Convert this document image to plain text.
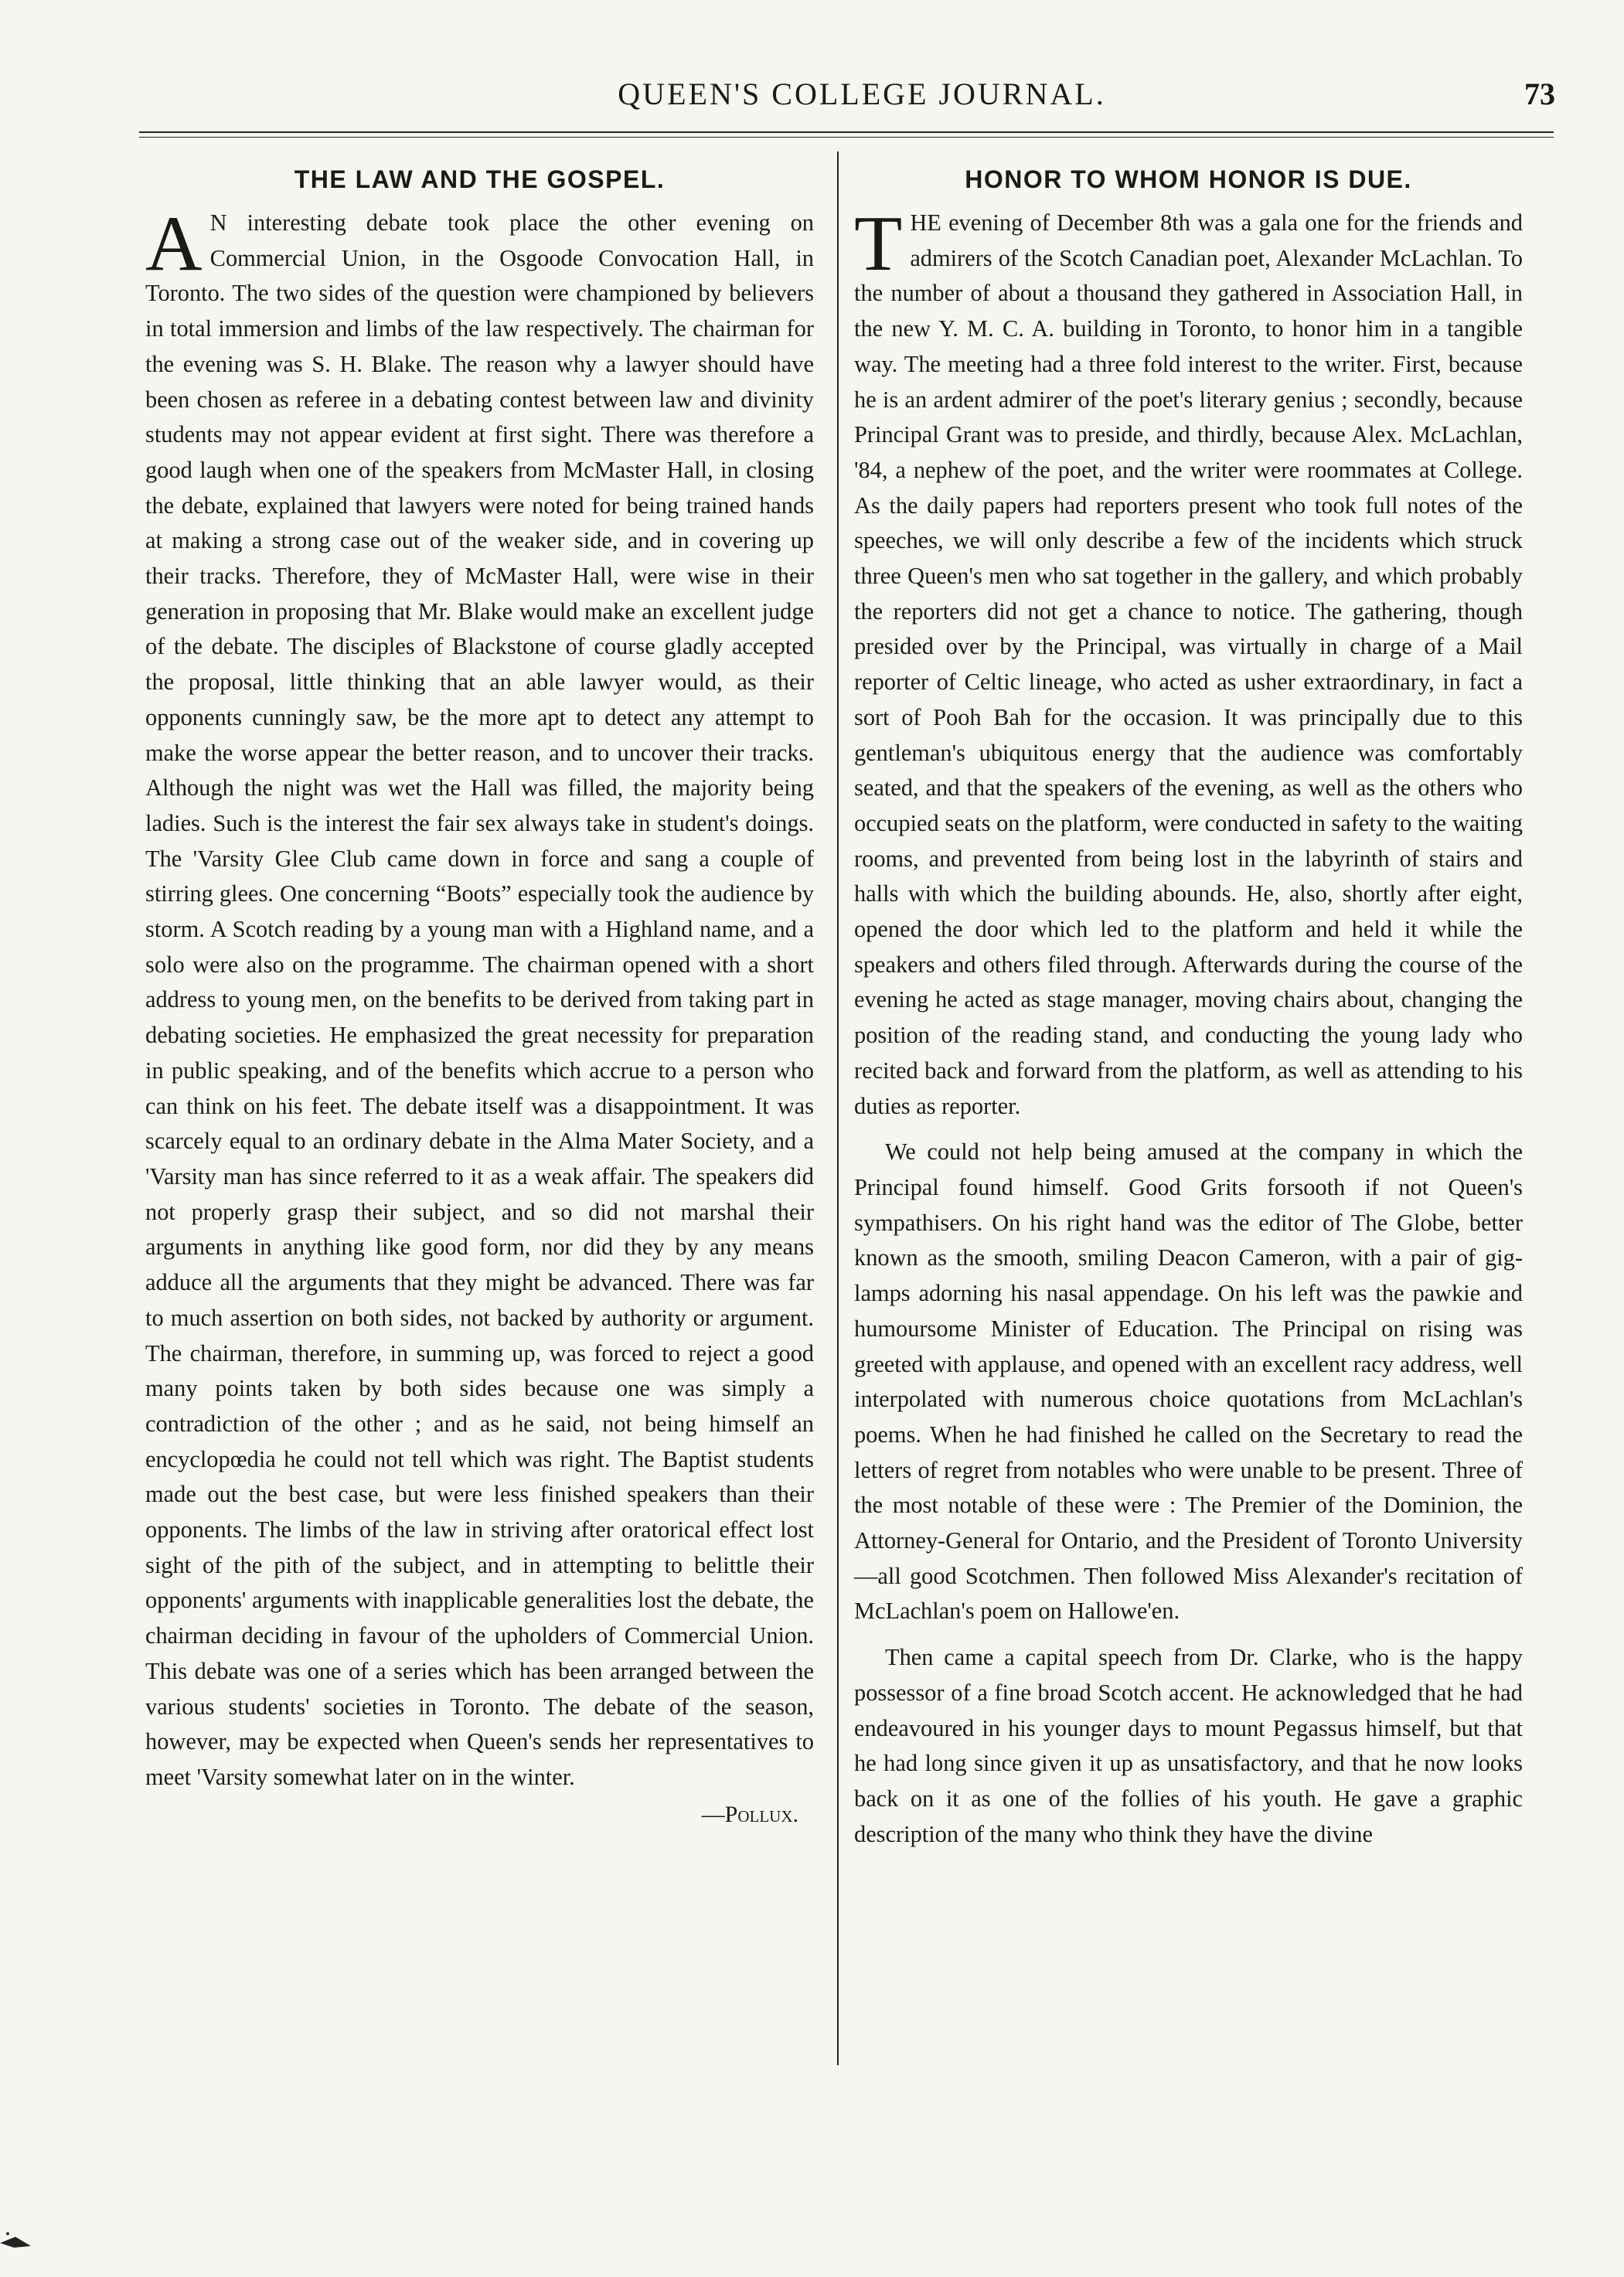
QUEEN'S COLLEGE JOURNAL.	73
THE LAW AND THE GOSPEL.

A N interesting debate took place the other evening on Commercial Union, in the Osgoode Convocation Hall, in Toronto. The two sides of the question were championed by believers in total immersion and limbs of the law respectively. The chairman for the evening was S. H. Blake. The reason why a lawyer should have been chosen as referee in a debating contest between law and divinity students may not appear evident at first sight. There was therefore a good laugh when one of the speakers from McMaster Hall, in closing the debate, explained that lawyers were noted for being trained hands at making a strong case out of the weaker side, and in covering up their tracks. Therefore, they of McMaster Hall, were wise in their generation in proposing that Mr. Blake would make an excellent judge of the debate. The disciples of Blackstone of course gladly accepted the proposal, little thinking that an able lawyer would, as their opponents cunningly saw, be the more apt to detect any attempt to make the worse appear the better reason, and to uncover their tracks. Although the night was wet the Hall was filled, the majority being ladies. Such is the interest the fair sex always take in student's doings. The 'Varsity Glee Club came down in force and sang a couple of stirring glees. One concerning “Boots” especially took the audience by storm. A Scotch reading by a young man with a Highland name, and a solo were also on the programme. The chairman opened with a short address to young men, on the benefits to be derived from taking part in debating societies. He emphasized the great necessity for preparation in public speaking, and of the benefits which accrue to a person who can think on his feet. The debate itself was a disappointment. It was scarcely equal to an ordinary debate in the Alma Mater Society, and a 'Varsity man has since referred to it as a weak affair. The speakers did not properly grasp their subject, and so did not marshal their arguments in anything like good form, nor did they by any means adduce all the arguments that they might be advanced. There was far to much assertion on both sides, not backed by authority or argument. The chairman, therefore, in summing up, was forced to reject a good many points taken by both sides because one was simply a contradiction of the other ; and as he said, not being himself an encyclopœdia he could not tell which was right. The Baptist students made out the best case, but were less finished speakers than their opponents. The limbs of the law in striving after oratorical effect lost sight of the pith of the subject, and in attempting to belittle their opponents' arguments with inapplicable generalities lost the debate, the chairman deciding in favour of the upholders of Commercial Union. This debate was one of a series which has been arranged between the various students' societies in Toronto. The debate of the season, however, may be expected when Queen's sends her representatives to meet 'Varsity somewhat later on in the winter.

—Pollux.
HONOR TO WHOM HONOR IS DUE.

THE evening of December 8th was a gala one for the friends and admirers of the Scotch Canadian poet, Alexander McLachlan. To the number of about a thousand they gathered in Association Hall, in the new Y. M. C. A. building in Toronto, to honor him in a tangible way. The meeting had a three fold interest to the writer. First, because he is an ardent admirer of the poet's literary genius ; secondly, because Principal Grant was to preside, and thirdly, because Alex. McLachlan, '84, a nephew of the poet, and the writer were roommates at College. As the daily papers had reporters present who took full notes of the speeches, we will only describe a few of the incidents which struck three Queen's men who sat together in the gallery, and which probably the reporters did not get a chance to notice. The gathering, though presided over by the Principal, was virtually in charge of a Mail reporter of Celtic lineage, who acted as usher extraordinary, in fact a sort of Pooh Bah for the occasion. It was principally due to this gentleman's ubiquitous energy that the audience was comfortably seated, and that the speakers of the evening, as well as the others who occupied seats on the platform, were conducted in safety to the waiting rooms, and prevented from being lost in the labyrinth of stairs and halls with which the building abounds. He, also, shortly after eight, opened the door which led to the platform and held it while the speakers and others filed through. Afterwards during the course of the evening he acted as stage manager, moving chairs about, changing the position of the reading stand, and conducting the young lady who recited back and forward from the platform, as well as attending to his duties as reporter.

We could not help being amused at the company in which the Principal found himself. Good Grits forsooth if not Queen's sympathisers. On his right hand was the editor of The Globe, better known as the smooth, smiling Deacon Cameron, with a pair of gig-lamps adorning his nasal appendage. On his left was the pawkie and humoursome Minister of Education. The Principal on rising was greeted with applause, and opened with an excellent racy address, well interpolated with numerous choice quotations from McLachlan's poems. When he had finished he called on the Secretary to read the letters of regret from notables who were unable to be present. Three of the most notable of these were : The Premier of the Dominion, the Attorney-General for Ontario, and the President of Toronto University—all good Scotchmen. Then followed Miss Alexander's recitation of McLachlan's poem on Hallowe'en.

Then came a capital speech from Dr. Clarke, who is the happy possessor of a fine broad Scotch accent. He acknowledged that he had endeavoured in his younger days to mount Pegassus himself, but that he had long since given it up as unsatisfactory, and that he now looks back on it as one of the follies of his youth. He gave a graphic description of the many who think they have the divine
